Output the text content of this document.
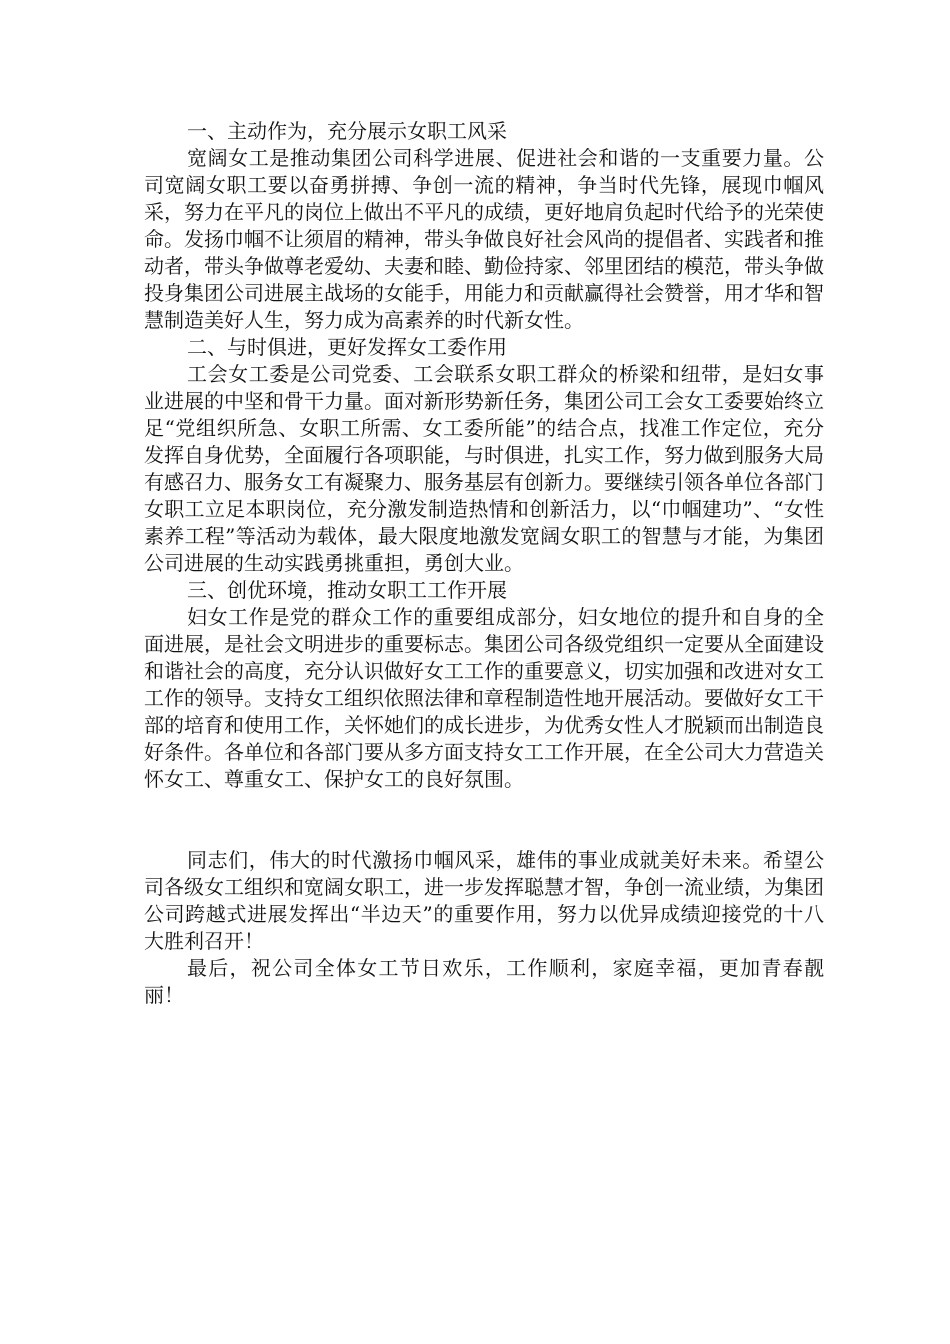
一、主动作为，充分展示女职工风采

宽阔女工是推动集团公司科学进展、促进社会和谐的一支重要力量。公司宽阔女职工要以奋勇拼搏、争创一流的精神，争当时代先锋，展现巾帼风采，努力在平凡的岗位上做出不平凡的成绩，更好地肩负起时代给予的光荣使命。发扬巾帼不让须眉的精神，带头争做良好社会风尚的提倡者、实践者和推动者，带头争做尊老爱幼、夫妻和睦、勤俭持家、邻里团结的模范，带头争做投身集团公司进展主战场的女能手，用能力和贡献赢得社会赞誉，用才华和智慧制造美好人生，努力成为高素养的时代新女性。

二、与时俱进，更好发挥女工委作用

工会女工委是公司党委、工会联系女职工群众的桥梁和纽带，是妇女事业进展的中坚和骨干力量。面对新形势新任务，集团公司工会女工委要始终立足“党组织所急、女职工所需、女工委所能”的结合点，找准工作定位，充分发挥自身优势，全面履行各项职能，与时俱进，扎实工作，努力做到服务大局有感召力、服务女工有凝聚力、服务基层有创新力。要继续引领各单位各部门女职工立足本职岗位，充分激发制造热情和创新活力，以“巾帼建功”、“女性素养工程”等活动为载体，最大限度地激发宽阔女职工的智慧与才能，为集团公司进展的生动实践勇挑重担，勇创大业。

三、创优环境，推动女职工工作开展

妇女工作是党的群众工作的重要组成部分，妇女地位的提升和自身的全面进展，是社会文明进步的重要标志。集团公司各级党组织一定要从全面建设和谐社会的高度，充分认识做好女工工作的重要意义，切实加强和改进对女工工作的领导。支持女工组织依照法律和章程制造性地开展活动。要做好女工干部的培育和使用工作，关怀她们的成长进步，为优秀女性人才脱颖而出制造良好条件。各单位和各部门要从多方面支持女工工作开展，在全公司大力营造关怀女工、尊重女工、保护女工的良好氛围。

同志们，伟大的时代激扬巾帼风采，雄伟的事业成就美好未来。希望公司各级女工组织和宽阔女职工，进一步发挥聪慧才智，争创一流业绩，为集团公司跨越式进展发挥出“半边天”的重要作用，努力以优异成绩迎接党的十八大胜利召开！

最后，祝公司全体女工节日欢乐，工作顺利，家庭幸福，更加青春靓丽！
